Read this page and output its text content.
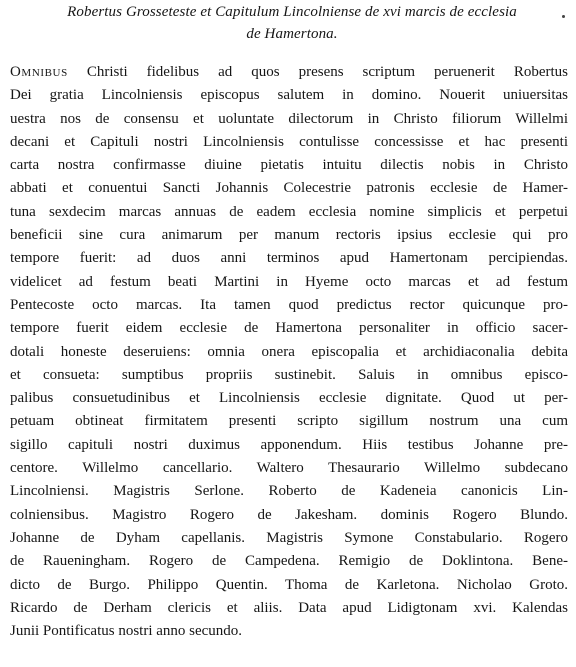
Robertus Grosseteste et Capitulum Lincolniense de xvi marcis de ecclesia

de Hamertona.

Omnibus Christi fidelibus ad quos presens scriptum peruenerit Robertus
Dei gratia Lincolniensis episcopus salutem in domino. Nouerit uniuersitas
uestra nos de consensu et uoluntate dilectorum in Christo filiorum Willelmi
decani et Capituli nostri Lincolniensis contulisse concessisse et hac presenti
carta nostra confirmasse diuine pietatis intuitu dilectis nobis in Christo
abbati et conuentui Sancti Johannis Colecestrie patronis ecclesie de Hamer-
tuna sexdecim marcas annuas de eadem ecclesia nomine simplicis et perpetui
beneficii sine cura animarum per manum rectoris ipsius ecclesie qui pro
tempore fuerit: ad duos anni terminos apud Hamertonam percipiendas.
videlicet ad festum beati Martini in Hyeme octo marcas et ad festum
Pentecoste octo marcas. Ita tamen quod predictus rector quicunque pro-
tempore fuerit eidem ecclesie de Hamertona personaliter in officio sacer-
dotali honeste deseruiens: omnia onera episcopalia et archidiaconalia debita
et consueta: sumptibus propriis sustinebit. Saluis in omnibus episco-
palibus consuetudinibus et Lincolniensis ecclesie dignitate. Quod ut per-
petuam obtineat firmitatem presenti scripto sigillum nostrum una cum
sigillo capituli nostri duximus apponendum. Hiis testibus Johanne pre-
centore. Willelmo cancellario. Waltero Thesaurario Willelmo subdecano
Lincolniensi. Magistris Serlone. Roberto de Kadeneia canonicis Lin-
colniensibus. Magistro Rogero de Jakesham. dominis Rogero Blundo.
Johanne de Dyham capellanis. Magistris Symone Constabulario. Rogero
de Raueningham. Rogero de Campedena. Remigio de Doklintona. Bene-
dicto de Burgo. Philippo Quentin. Thoma de Karletona. Nicholao Groto.
Ricardo de Derham clericis et aliis. Data apud Lidigtonam xvi. Kalendas
Junii Pontificatus nostri anno secundo.
